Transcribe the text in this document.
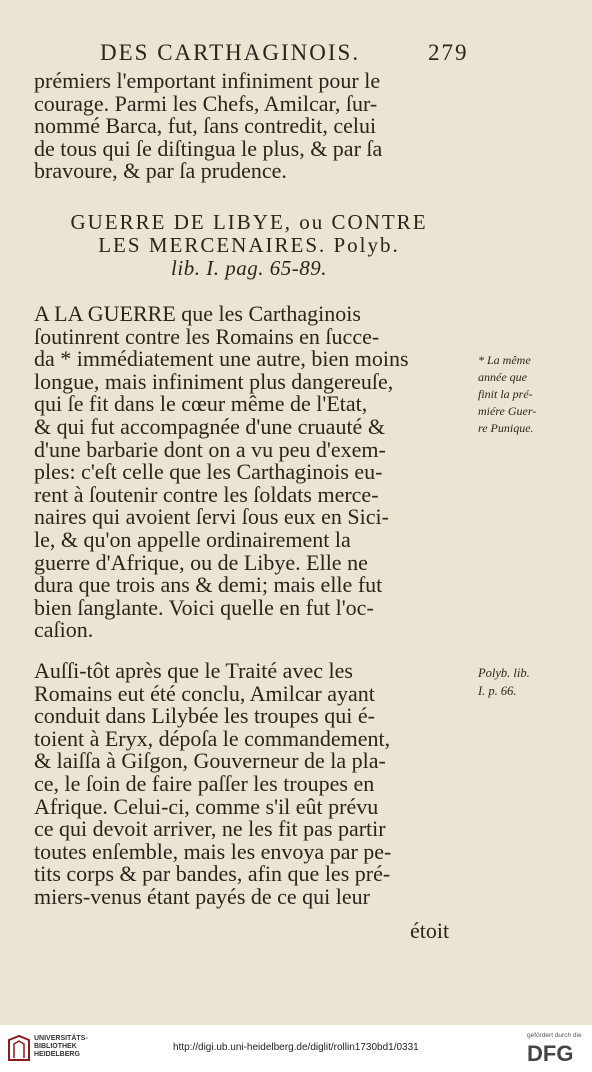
DES CARTHAGINOIS.	279
prémiers l'emportant infiniment pour le
courage. Parmi les Chefs, Amilcar, ſur-
nommé Barca, fut, ſans contredit, celui
de tous qui ſe diſtingua le plus, & par ſa
bravoure, & par ſa prudence.
GUERRE DE LIBYE, ou CONTRE
LES MERCENAIRES. Polyb.
lib. I. pag. 65-89.
A LA GUERRE que les Carthaginois
ſoutinrent contre les Romains en ſucce-
da * immédiatement une autre, bien moins
longue, mais infiniment plus dangereuſe,
qui ſe fit dans le cœur même de l'Etat,
& qui fut accompagnée d'une cruauté &
d'une barbarie dont on a vu peu d'exem-
ples: c'eſt celle que les Carthaginois eu-
rent à ſoutenir contre les ſoldats merce-
naires qui avoient ſervi ſous eux en Sici-
le, & qu'on appelle ordinairement la
guerre d'Afrique, ou de Libye. Elle ne
dura que trois ans & demi; mais elle fut
bien ſanglante. Voici quelle en fut l'oc-
caſion.
* La même
année que
finit la pré-
miére Guer-
re Punique.
Auſſi-tôt après que le Traité avec les
Romains eut été conclu, Amilcar ayant
conduit dans Lilybée les troupes qui é-
toient à Eryx, dépoſa le commandement,
& laiſſa à Giſgon, Gouverneur de la pla-
ce, le ſoin de faire paſſer les troupes en
Afrique. Celui-ci, comme s'il eût prévu
ce qui devoit arriver, ne les fit pas partir
toutes enſemble, mais les envoya par pe-
tits corps & par bandes, afin que les pré-
miers-venus étant payés de ce qui leur
Polyb. lib.
I. p. 66.
étoit
UNIVERSITÄTS-
BIBLIOTHEK
HEIDELBERG
http://digi.ub.uni-heidelberg.de/diglit/rollin1730bd1/0331
gefördert durch die
DFG
